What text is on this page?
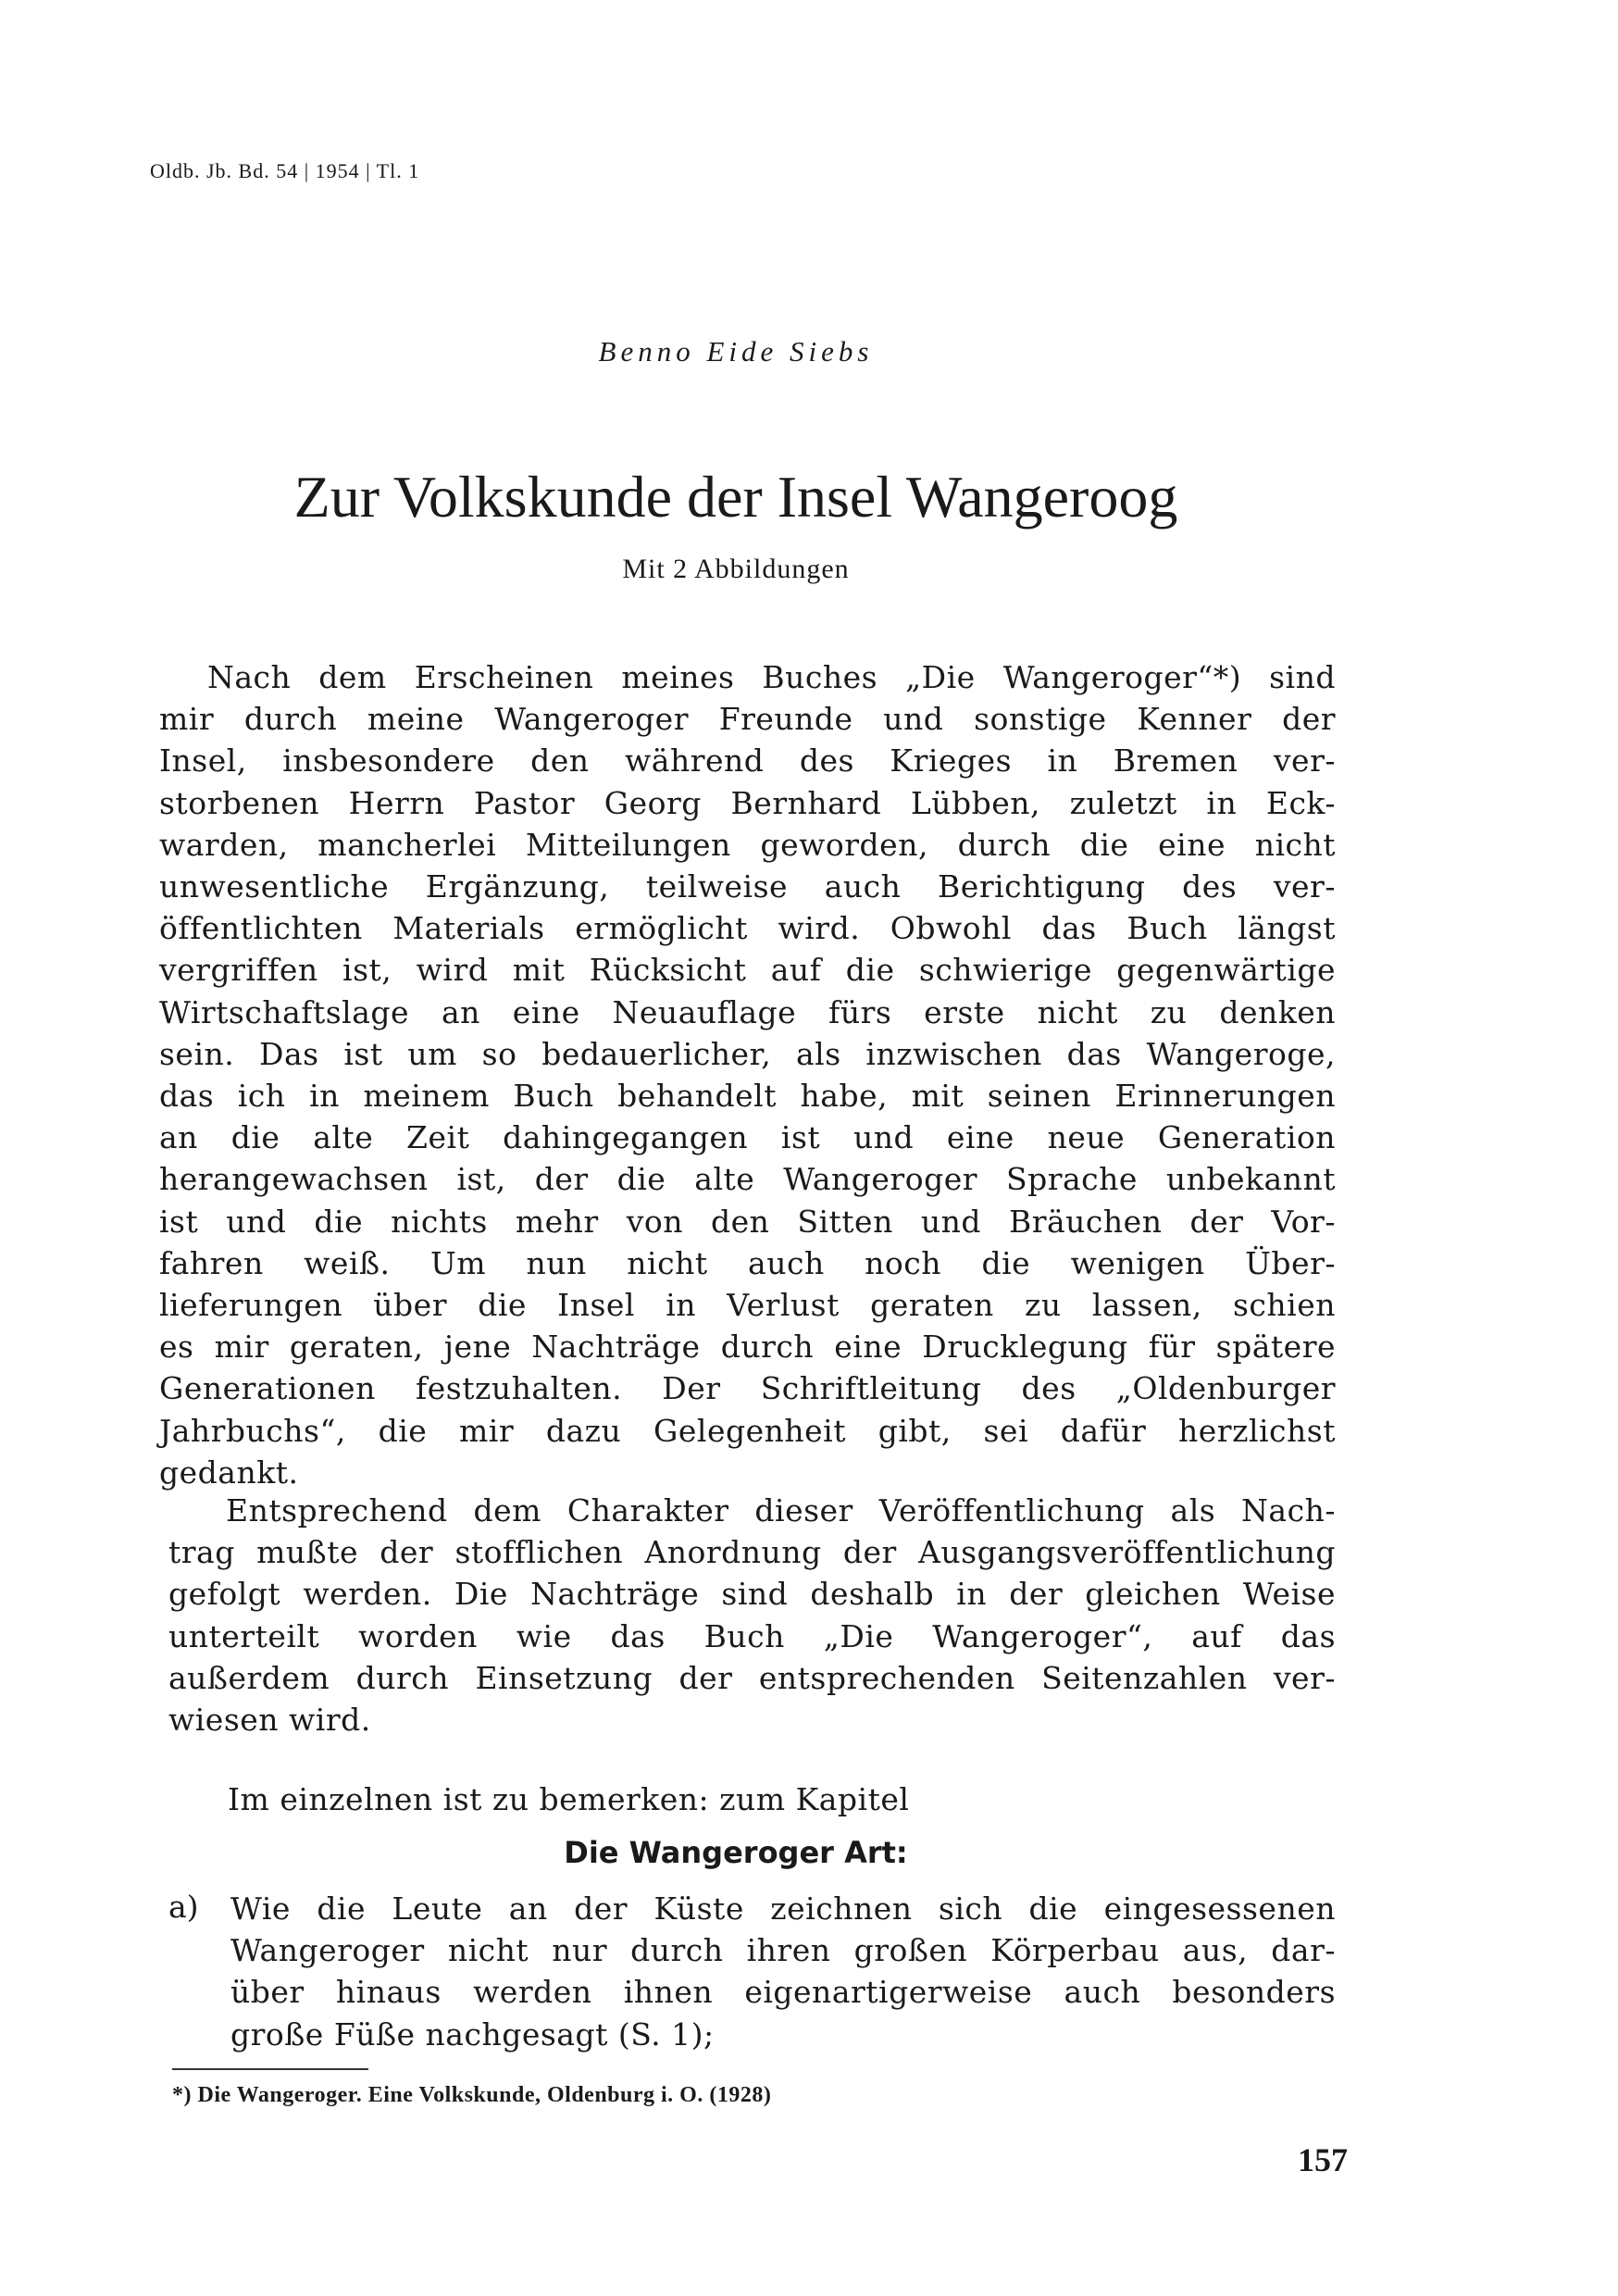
Oldb. Jb. Bd. 54 | 1954 | Tl. 1
Benno Eide Siebs
Zur Volkskunde der Insel Wangeroog
Mit 2 Abbildungen
Nach dem Erscheinen meines Buches „Die Wangeroger“*) sind
mir durch meine Wangeroger Freunde und sonstige Kenner der
Insel, insbesondere den während des Krieges in Bremen ver-
storbenen Herrn Pastor Georg Bernhard Lübben, zuletzt in Eck-
warden, mancherlei Mitteilungen geworden, durch die eine nicht
unwesentliche Ergänzung, teilweise auch Berichtigung des ver-
öffentlichten Materials ermöglicht wird. Obwohl das Buch längst
vergriffen ist, wird mit Rücksicht auf die schwierige gegenwärtige
Wirtschaftslage an eine Neuauflage fürs erste nicht zu denken
sein. Das ist um so bedauerlicher, als inzwischen das Wangeroge,
das ich in meinem Buch behandelt habe, mit seinen Erinnerungen
an die alte Zeit dahingegangen ist und eine neue Generation
herangewachsen ist, der die alte Wangeroger Sprache unbekannt
ist und die nichts mehr von den Sitten und Bräuchen der Vor-
fahren weiß. Um nun nicht auch noch die wenigen Über-
lieferungen über die Insel in Verlust geraten zu lassen, schien
es mir geraten, jene Nachträge durch eine Drucklegung für spätere
Generationen festzuhalten. Der Schriftleitung des „Oldenburger
Jahrbuchs“, die mir dazu Gelegenheit gibt, sei dafür herzlichst
gedankt.
Entsprechend dem Charakter dieser Veröffentlichung als Nach-
trag mußte der stofflichen Anordnung der Ausgangsveröffentlichung
gefolgt werden. Die Nachträge sind deshalb in der gleichen Weise
unterteilt worden wie das Buch „Die Wangeroger“, auf das
außerdem durch Einsetzung der entsprechenden Seitenzahlen ver-
wiesen wird.
Wie die Leute an der Küste zeichnen sich die eingesessenen
Wangeroger nicht nur durch ihren großen Körperbau aus, dar-
über hinaus werden ihnen eigenartigerweise auch besonders
große Füße nachgesagt (S. 1);
Im einzelnen ist zu bemerken: zum Kapitel
Die Wangeroger Art:
a)
*) Die Wangeroger. Eine Volkskunde, Oldenburg i. O. (1928)
157
